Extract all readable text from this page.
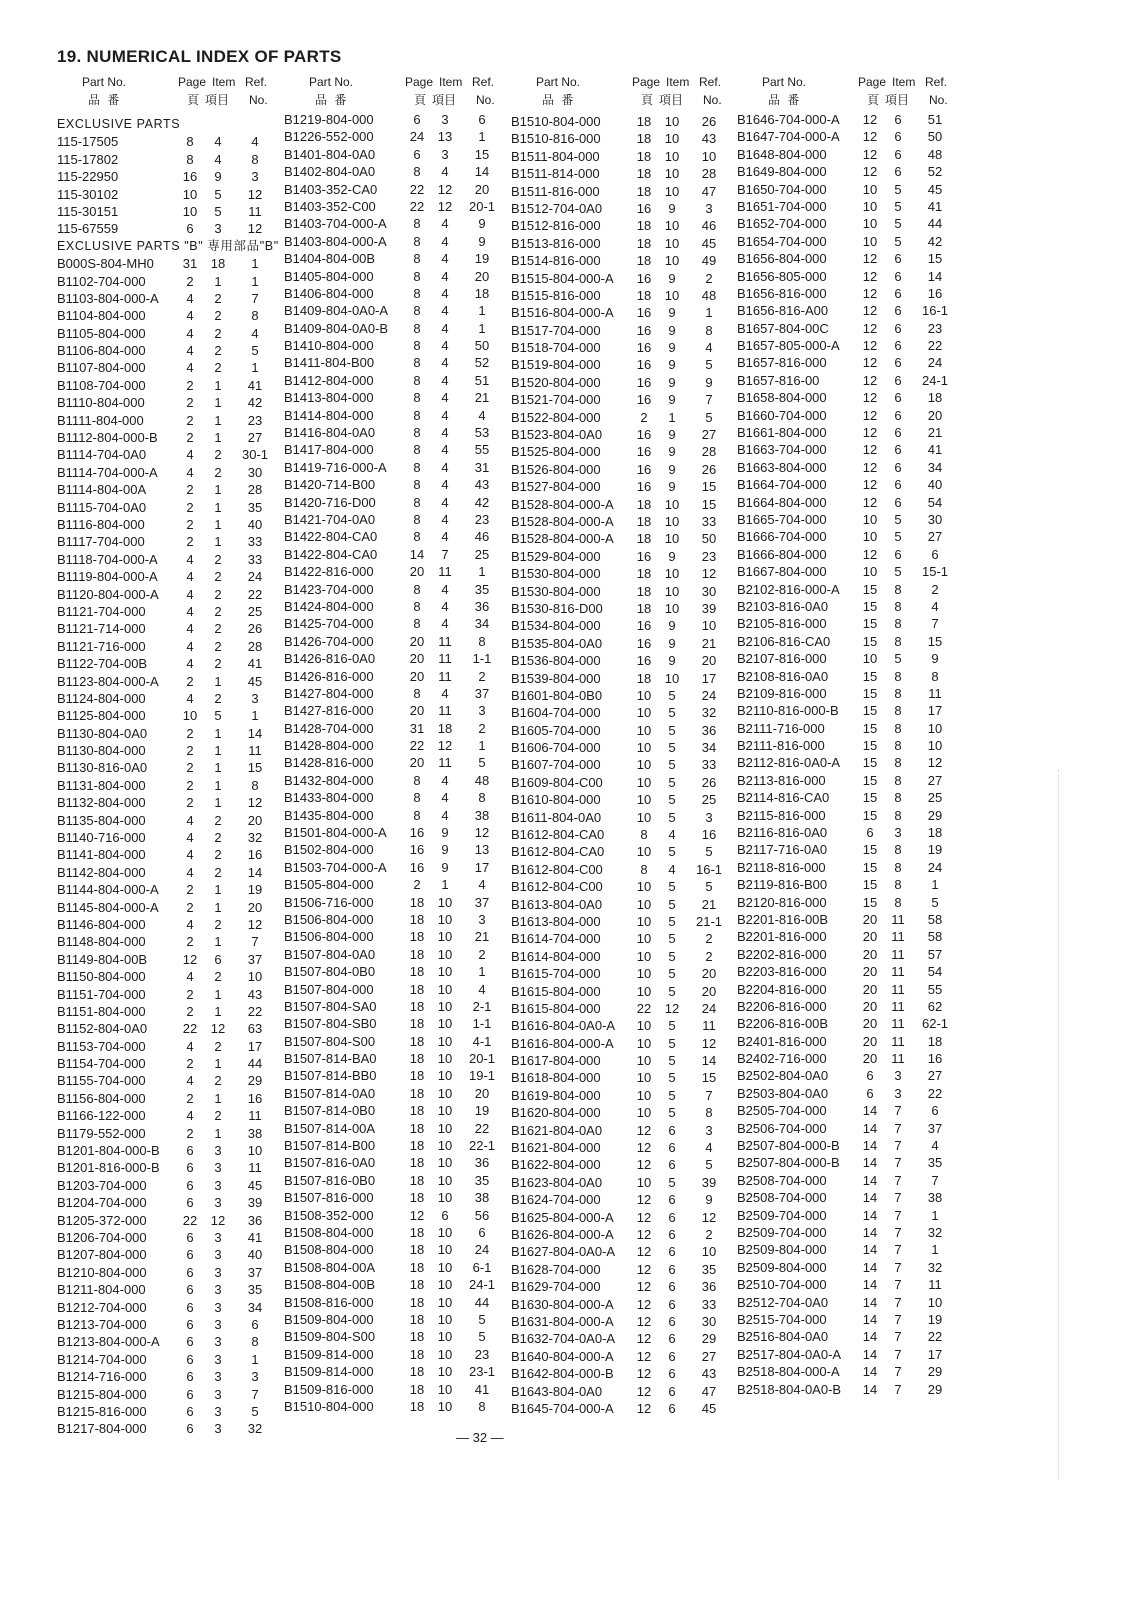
19. NUMERICAL INDEX OF PARTS
Part No.
品 番
Page Item Ref.
頁 項目 No.
EXCLUSIVE PARTS
115-17505	8	4	4
115-17802	8	4	8
115-22950	16	9	3
115-30102	10	5	12
115-30151	10	5	11
115-67559	6	3	12
EXCLUSIVE PARTS "B" 専用部品"B"
B000S-804-MH0	31	18	1
B1102-704-000	2	1	1
B1103-804-000-A	4	2	7
B1104-804-000	4	2	8
B1105-804-000	4	2	4
B1106-804-000	4	2	5
B1107-804-000	4	2	1
B1108-704-000	2	1	41
B1110-804-000	2	1	42
B1111-804-000	2	1	23
B1112-804-000-B	2	1	27
B1114-704-0A0	4	2	30-1
B1114-704-000-A	4	2	30
B1114-804-00A	2	1	28
B1115-704-0A0	2	1	35
B1116-804-000	2	1	40
B1117-704-000	2	1	33
B1118-704-000-A	4	2	33
B1119-804-000-A	4	2	24
B1120-804-000-A	4	2	22
B1121-704-000	4	2	25
B1121-714-000	4	2	26
B1121-716-000	4	2	28
B1122-704-00B	4	2	41
B1123-804-000-A	2	1	45
B1124-804-000	4	2	3
B1125-804-000	10	5	1
B1130-804-0A0	2	1	14
B1130-804-000	2	1	11
B1130-816-0A0	2	1	15
B1131-804-000	2	1	8
B1132-804-000	2	1	12
B1135-804-000	4	2	20
B1140-716-000	4	2	32
B1141-804-000	4	2	16
B1142-804-000	4	2	14
B1144-804-000-A	2	1	19
B1145-804-000-A	2	1	20
B1146-804-000	4	2	12
B1148-804-000	2	1	7
B1149-804-00B	12	6	37
B1150-804-000	4	2	10
B1151-704-000	2	1	43
B1151-804-000	2	1	22
B1152-804-0A0	22	12	63
B1153-704-000	4	2	17
B1154-704-000	2	1	44
B1155-704-000	4	2	29
B1156-804-000	2	1	16
B1166-122-000	4	2	11
B1179-552-000	2	1	38
B1201-804-000-B	6	3	10
B1201-816-000-B	6	3	11
B1203-704-000	6	3	45
B1204-704-000	6	3	39
B1205-372-000	22	12	36
B1206-704-000	6	3	41
B1207-804-000	6	3	40
B1210-804-000	6	3	37
B1211-804-000	6	3	35
B1212-704-000	6	3	34
B1213-704-000	6	3	6
B1213-804-000-A	6	3	8
B1214-704-000	6	3	1
B1214-716-000	6	3	3
B1215-804-000	6	3	7
B1215-816-000	6	3	5
B1217-804-000	6	3	32
Part No.
品 番
Page Item Ref.
頁 項目 No.
B1219-804-000	6	3	6
B1226-552-000	24	13	1
B1401-804-0A0	6	3	15
B1402-804-0A0	8	4	14
B1403-352-CA0	22	12	20
B1403-352-C00	22	12	20-1
B1403-704-000-A	8	4	9
B1403-804-000-A	8	4	9
B1404-804-00B	8	4	19
B1405-804-000	8	4	20
B1406-804-000	8	4	18
B1409-804-0A0-A	8	4	1
B1409-804-0A0-B	8	4	1
B1410-804-000	8	4	50
B1411-804-B00	8	4	52
B1412-804-000	8	4	51
B1413-804-000	8	4	21
B1414-804-000	8	4	4
B1416-804-0A0	8	4	53
B1417-804-000	8	4	55
B1419-716-000-A	8	4	31
B1420-714-B00	8	4	43
B1420-716-D00	8	4	42
B1421-704-0A0	8	4	23
B1422-804-CA0	8	4	46
B1422-804-CA0	14	7	25
B1422-816-000	20	11	1
B1423-704-000	8	4	35
B1424-804-000	8	4	36
B1425-704-000	8	4	34
B1426-704-000	20	11	8
B1426-816-0A0	20	11	1-1
B1426-816-000	20	11	2
B1427-804-000	8	4	37
B1427-816-000	20	11	3
B1428-704-000	31	18	2
B1428-804-000	22	12	1
B1428-816-000	20	11	5
B1432-804-000	8	4	48
B1433-804-000	8	4	8
B1435-804-000	8	4	38
B1501-804-000-A	16	9	12
B1502-804-000	16	9	13
B1503-704-000-A	16	9	17
B1505-804-000	2	1	4
B1506-716-000	18	10	37
B1506-804-000	18	10	3
B1506-804-000	18	10	21
B1507-804-0A0	18	10	2
B1507-804-0B0	18	10	1
B1507-804-000	18	10	4
B1507-804-SA0	18	10	2-1
B1507-804-SB0	18	10	1-1
B1507-804-S00	18	10	4-1
B1507-814-BA0	18	10	20-1
B1507-814-BB0	18	10	19-1
B1507-814-0A0	18	10	20
B1507-814-0B0	18	10	19
B1507-814-00A	18	10	22
B1507-814-B00	18	10	22-1
B1507-816-0A0	18	10	36
B1507-816-0B0	18	10	35
B1507-816-000	18	10	38
B1508-352-000	12	6	56
B1508-804-000	18	10	6
B1508-804-000	18	10	24
B1508-804-00A	18	10	6-1
B1508-804-00B	18	10	24-1
B1508-816-000	18	10	44
B1509-804-000	18	10	5
B1509-804-S00	18	10	5
B1509-814-000	18	10	23
B1509-814-000	18	10	23-1
B1509-816-000	18	10	41
B1510-804-000	18	10	8
Part No.
品 番
Page Item Ref.
頁 項目 No.
B1510-804-000	18	10	26
B1510-816-000	18	10	43
B1511-804-000	18	10	10
B1511-814-000	18	10	28
B1511-816-000	18	10	47
B1512-704-0A0	16	9	3
B1512-816-000	18	10	46
B1513-816-000	18	10	45
B1514-816-000	18	10	49
B1515-804-000-A	16	9	2
B1515-816-000	18	10	48
B1516-804-000-A	16	9	1
B1517-704-000	16	9	8
B1518-704-000	16	9	4
B1519-804-000	16	9	5
B1520-804-000	16	9	9
B1521-704-000	16	9	7
B1522-804-000	2	1	5
B1523-804-0A0	16	9	27
B1525-804-000	16	9	28
B1526-804-000	16	9	26
B1527-804-000	16	9	15
B1528-804-000-A	18	10	15
B1528-804-000-A	18	10	33
B1528-804-000-A	18	10	50
B1529-804-000	16	9	23
B1530-804-000	18	10	12
B1530-804-000	18	10	30
B1530-816-D00	18	10	39
B1534-804-000	16	9	10
B1535-804-0A0	16	9	21
B1536-804-000	16	9	20
B1539-804-000	18	10	17
B1601-804-0B0	10	5	24
B1604-704-000	10	5	32
B1605-704-000	10	5	36
B1606-704-000	10	5	34
B1607-704-000	10	5	33
B1609-804-C00	10	5	26
B1610-804-000	10	5	25
B1611-804-0A0	10	5	3
B1612-804-CA0	8	4	16
B1612-804-CA0	10	5	5
B1612-804-C00	8	4	16-1
B1612-804-C00	10	5	5
B1613-804-0A0	10	5	21
B1613-804-000	10	5	21-1
B1614-704-000	10	5	2
B1614-804-000	10	5	2
B1615-704-000	10	5	20
B1615-804-000	10	5	20
B1615-804-000	22	12	24
B1616-804-0A0-A	10	5	11
B1616-804-000-A	10	5	12
B1617-804-000	10	5	14
B1618-804-000	10	5	15
B1619-804-000	10	5	7
B1620-804-000	10	5	8
B1621-804-0A0	12	6	3
B1621-804-000	12	6	4
B1622-804-000	12	6	5
B1623-804-0A0	10	5	39
B1624-704-000	12	6	9
B1625-804-000-A	12	6	12
B1626-804-000-A	12	6	2
B1627-804-0A0-A	12	6	10
B1628-704-000	12	6	35
B1629-704-000	12	6	36
B1630-804-000-A	12	6	33
B1631-804-000-A	12	6	30
B1632-704-0A0-A	12	6	29
B1640-804-000-A	12	6	27
B1642-804-000-B	12	6	43
B1643-804-0A0	12	6	47
B1645-704-000-A	12	6	45
Part No.
品 番
Page Item Ref.
頁 項目 No.
B1646-704-000-A	12	6	51
B1647-704-000-A	12	6	50
B1648-804-000	12	6	48
B1649-804-000	12	6	52
B1650-704-000	10	5	45
B1651-704-000	10	5	41
B1652-704-000	10	5	44
B1654-704-000	10	5	42
B1656-804-000	12	6	15
B1656-805-000	12	6	14
B1656-816-000	12	6	16
B1656-816-A00	12	6	16-1
B1657-804-00C	12	6	23
B1657-805-000-A	12	6	22
B1657-816-000	12	6	24
B1657-816-00	12	6	24-1
B1658-804-000	12	6	18
B1660-704-000	12	6	20
B1661-804-000	12	6	21
B1663-704-000	12	6	41
B1663-804-000	12	6	34
B1664-704-000	12	6	40
B1664-804-000	12	6	54
B1665-704-000	10	5	30
B1666-704-000	10	5	27
B1666-804-000	12	6	6
B1667-804-000	10	5	15-1
B2102-816-000-A	15	8	2
B2103-816-0A0	15	8	4
B2105-816-000	15	8	7
B2106-816-CA0	15	8	15
B2107-816-000	10	5	9
B2108-816-0A0	15	8	8
B2109-816-000	15	8	11
B2110-816-000-B	15	8	17
B2111-716-000	15	8	10
B2111-816-000	15	8	10
B2112-816-0A0-A	15	8	12
B2113-816-000	15	8	27
B2114-816-CA0	15	8	25
B2115-816-000	15	8	29
B2116-816-0A0	6	3	18
B2117-716-0A0	15	8	19
B2118-816-000	15	8	24
B2119-816-B00	15	8	1
B2120-816-000	15	8	5
B2201-816-00B	20	11	58
B2201-816-000	20	11	58
B2202-816-000	20	11	57
B2203-816-000	20	11	54
B2204-816-000	20	11	55
B2206-816-000	20	11	62
B2206-816-00B	20	11	62-1
B2401-816-000	20	11	18
B2402-716-000	20	11	16
B2502-804-0A0	6	3	27
B2503-804-0A0	6	3	22
B2505-704-000	14	7	6
B2506-704-000	14	7	37
B2507-804-000-B	14	7	4
B2507-804-000-B	14	7	35
B2508-704-000	14	7	7
B2508-704-000	14	7	38
B2509-704-000	14	7	1
B2509-704-000	14	7	32
B2509-804-000	14	7	1
B2509-804-000	14	7	32
B2510-704-000	14	7	11
B2512-704-0A0	14	7	10
B2515-704-000	14	7	19
B2516-804-0A0	14	7	22
B2517-804-0A0-A	14	7	17
B2518-804-000-A	14	7	29
B2518-804-0A0-B	14	7	29
— 32 —
